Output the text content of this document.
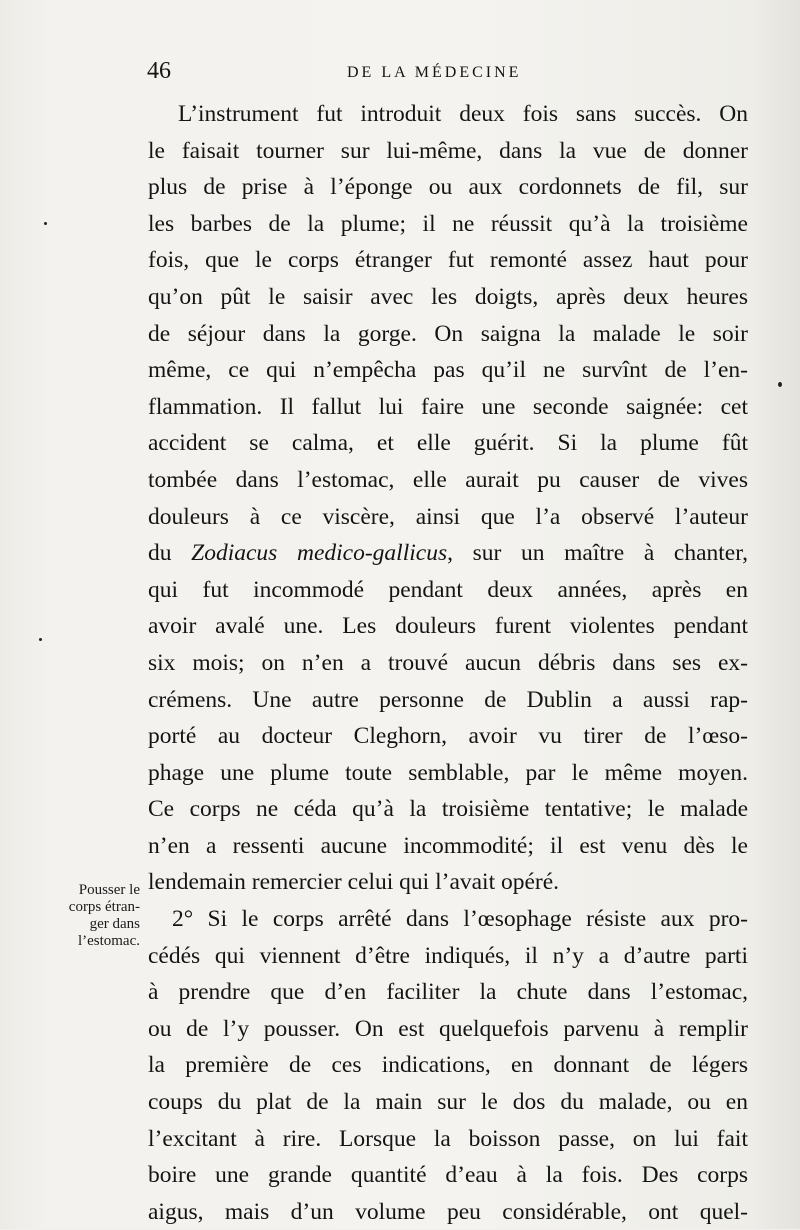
46	DE LA MÉDECINE
Pousser le
corps étran-
ger dans
l’estomac.
L’instrument fut introduit deux fois sans succès. On
le faisait tourner sur lui-même, dans la vue de donner
plus de prise à l’éponge ou aux cordonnets de fil, sur
les barbes de la plume; il ne réussit qu’à la troisième
fois, que le corps étranger fut remonté assez haut pour
qu’on pût le saisir avec les doigts, après deux heures
de séjour dans la gorge. On saigna la malade le soir
même, ce qui n’empêcha pas qu’il ne survînt de l’en-
flammation. Il fallut lui faire une seconde saignée: cet
accident se calma, et elle guérit. Si la plume fût
tombée dans l’estomac, elle aurait pu causer de vives
douleurs à ce viscère, ainsi que l’a observé l’auteur
du Zodiacus medico-gallicus, sur un maître à chanter,
qui fut incommodé pendant deux années, après en
avoir avalé une. Les douleurs furent violentes pendant
six mois; on n’en a trouvé aucun débris dans ses ex-
crémens. Une autre personne de Dublin a aussi rap-
porté au docteur Cleghorn, avoir vu tirer de l’œso-
phage une plume toute semblable, par le même moyen.
Ce corps ne céda qu’à la troisième tentative; le malade
n’en a ressenti aucune incommodité; il est venu dès le
lendemain remercier celui qui l’avait opéré.
2° Si le corps arrêté dans l’œsophage résiste aux pro-
cédés qui viennent d’être indiqués, il n’y a d’autre parti
à prendre que d’en faciliter la chute dans l’estomac,
ou de l’y pousser. On est quelquefois parvenu à remplir
la première de ces indications, en donnant de légers
coups du plat de la main sur le dos du malade, ou en
l’excitant à rire. Lorsque la boisson passe, on lui fait
boire une grande quantité d’eau à la fois. Des corps
aigus, mais d’un volume peu considérable, ont quel-
